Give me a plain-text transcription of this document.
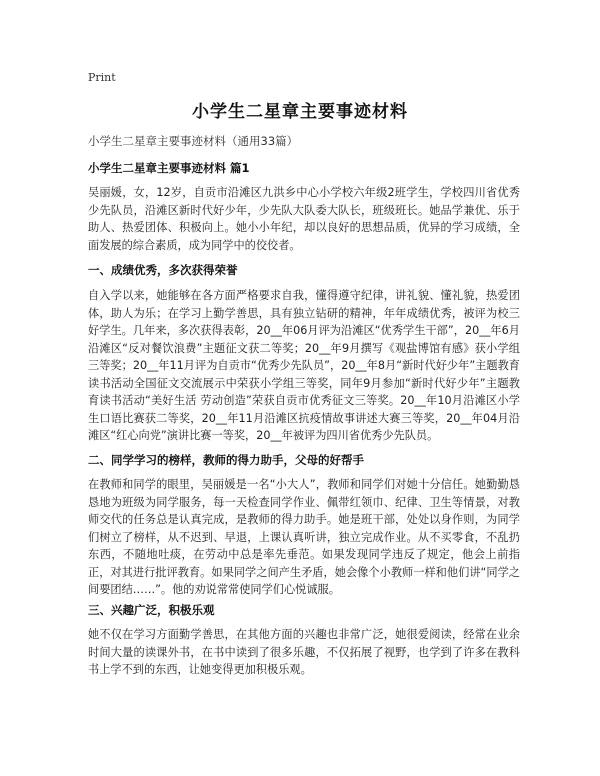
Print
小学生二星章主要事迹材料
小学生二星章主要事迹材料（通用33篇）
小学生二星章主要事迹材料 篇1
吴丽媛，女，12岁，自贡市沿滩区九洪乡中心小学校六年级2班学生，学校四川省优秀少先队员，沿滩区新时代好少年，少先队大队委大队长，班级班长。她品学兼优、乐于助人、热爱团体、积极向上。她小小年纪，却以良好的思想品质，优异的学习成绩，全面发展的综合素质，成为同学中的佼佼者。
一、成绩优秀，多次获得荣誉
自入学以来，她能够在各方面严格要求自我，懂得遵守纪律，讲礼貌、懂礼貌，热爱团体，助人为乐；在学习上勤学善思，具有独立钻研的精神，年年成绩优秀，被评为校三好学生。几年来，多次获得表彰，20__年06月评为沿滩区“优秀学生干部”，20__年6月沿滩区“反对餐饮浪费”主题征文获二等奖；20__年9月撰写《观盐博馆有感》获小学组三等奖；20__年11月评为自贡市“优秀少先队员”，20__年8月“新时代好少年”主题教育读书活动全国征文交流展示中荣获小学组三等奖，同年9月参加“新时代好少年”主题教育读书活动“美好生活 劳动创造”荣获自贡市优秀征文三等奖。20__年10月沿滩区小学生口语比赛获二等奖，20__年11月沿滩区抗疫情故事讲述大赛三等奖，20__年04月沿滩区“红心向党”演讲比赛一等奖，20__年被评为四川省优秀少先队员。
二、同学学习的榜样，教师的得力助手，父母的好帮手
在教师和同学的眼里，吴丽媛是一名“小大人”，教师和同学们对她十分信任。她勤勤恳恳地为班级为同学服务，每一天检查同学作业、佩带红领巾、纪律、卫生等情景，对教师交代的任务总是认真完成，是教师的得力助手。她是班干部，处处以身作则，为同学们树立了榜样，从不迟到、早退，上课认真听讲，独立完成作业。从不买零食，不乱扔东西，不随地吐痰，在劳动中总是率先垂范。如果发现同学违反了规定，他会上前指正，对其进行批评教育。如果同学之间产生矛盾，她会像个小教师一样和他们讲“同学之间要团结……”。他的劝说常常使同学们心悦诚服。
三、兴趣广泛，积极乐观
她不仅在学习方面勤学善思，在其他方面的兴趣也非常广泛，她很爱阅读，经常在业余时间大量的读课外书，在书中读到了很多乐趣，不仅拓展了视野，也学到了许多在教科书上学不到的东西，让她变得更加积极乐观。
